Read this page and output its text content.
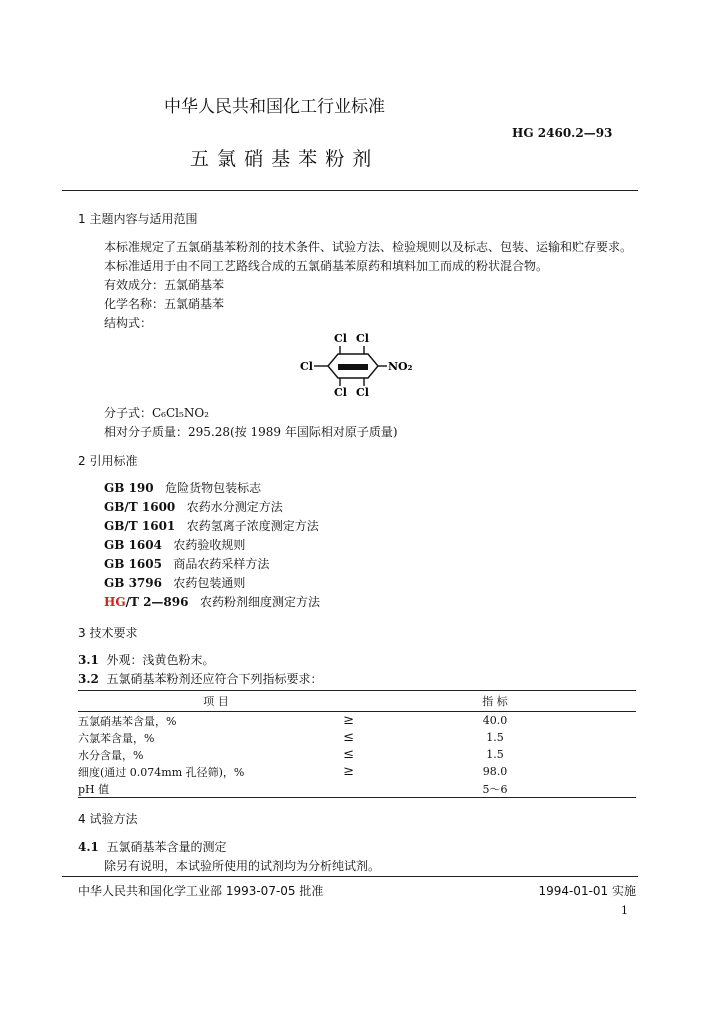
中华人民共和国化工行业标准
HG 2460.2—93
五 氯 硝 基 苯 粉 剂
1 主题内容与适用范围
本标准规定了五氯硝基苯粉剂的技术条件、试验方法、检验规则以及标志、包装、运输和贮存要求。
本标准适用于由不同工艺路线合成的五氯硝基苯原药和填料加工而成的粉状混合物。
有效成分：五氯硝基苯
化学名称：五氯硝基苯
结构式：
Cl Cl
Cl	NO₂
Cl Cl
分子式：C₆Cl₅NO₂
相对分子质量：295.28(按 1989 年国际相对原子质量)
2 引用标准
GB 190 危险货物包装标志
GB/T 1600 农药水分测定方法
GB/T 1601 农药氢离子浓度测定方法
GB 1604 农药验收规则
GB 1605 商品农药采样方法
GB 3796 农药包装通则
HG/T 2—896 农药粉剂细度测定方法
3 技术要求
3.1 外观：浅黄色粉末。
3.2 五氯硝基苯粉剂还应符合下列指标要求：
项 目		指 标
五氯硝基苯含量，%	≥	40.0
六氯苯含量，%	≤	1.5
水分含量，%	≤	1.5
细度(通过 0.074mm 孔径筛)，%	≥	98.0
pH 值		5～6
4 试验方法
4.1 五氯硝基苯含量的测定
除另有说明，本试验所使用的试剂均为分析纯试剂。
中华人民共和国化学工业部 1993-07-05 批准	1994-01-01 实施
1
